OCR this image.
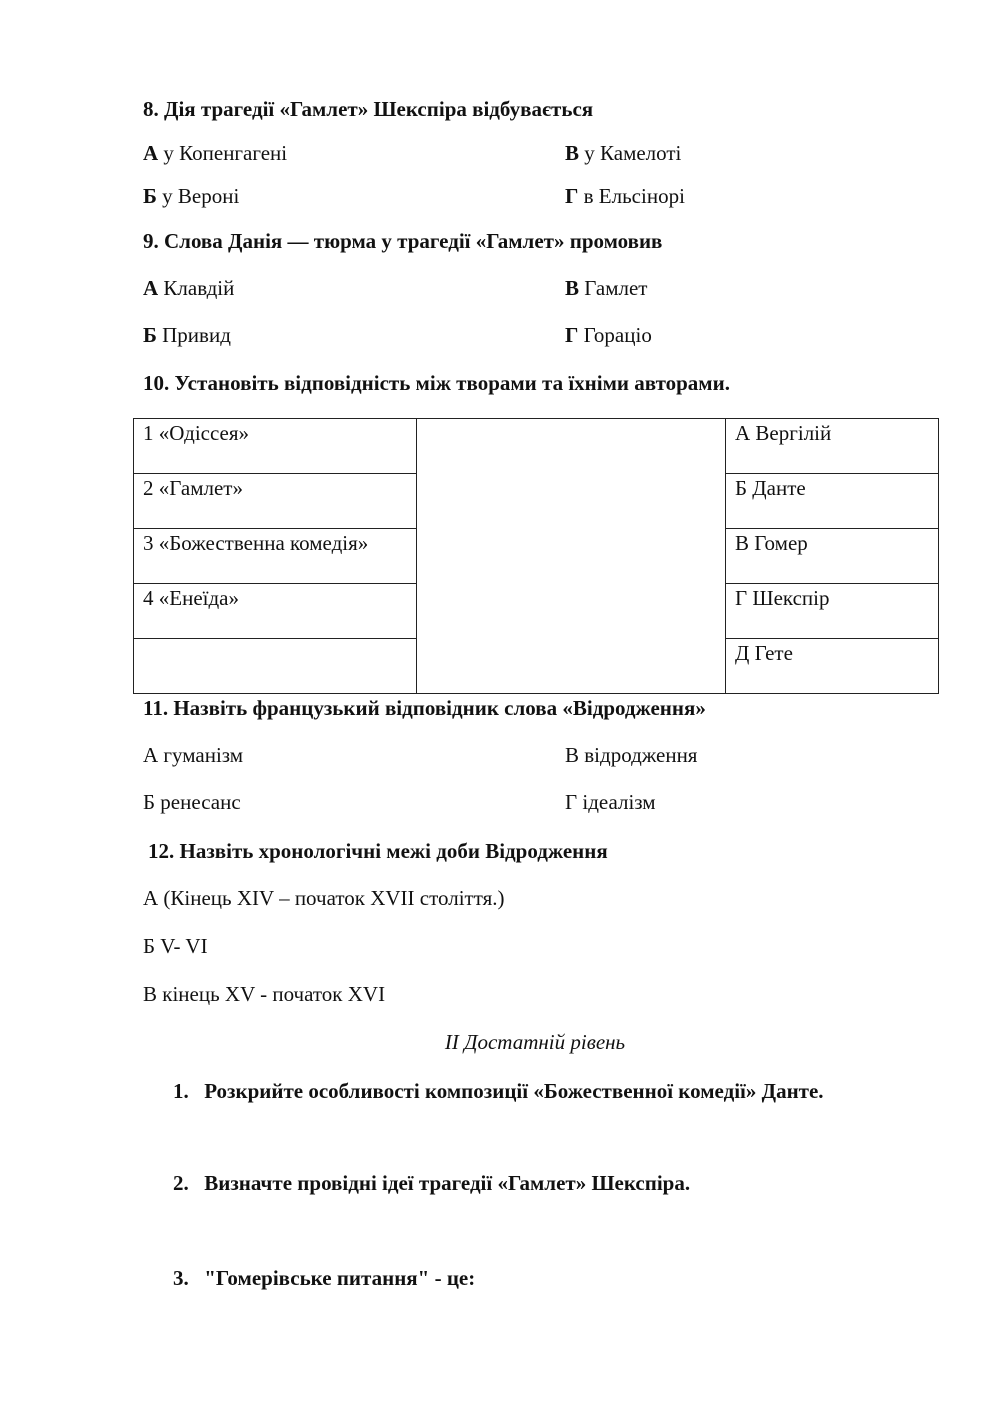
8. Дія трагедії «Гамлет» Шекспіра відбувається
А у Копенгагені	В у Камелоті
Б у Вероні	Г в Ельсінорі
9. Слова Данія — тюрма у трагедії «Гамлет» промовив
А Клавдій	В Гамлет
Б Привид	Г Гораціо
10. Установіть відповідність між творами та їхніми авторами.
1 «Одіссея»		А Вергілій
2 «Гамлет»		Б Данте
3 «Божественна комедія»		В Гомер
4 «Енеїда»		Г Шекспір
		Д Гете
11. Назвіть французький відповідник слова «Відродження»
А гуманізм	В відродження
Б ренесанс	Г ідеалізм
12. Назвіть хронологічні межі доби Відродження
А (Кінець XIV – початок XVII століття.)
Б V- VI
В кінець XV - початок XVI
ІІ Достатній рівень
1. Розкрийте особливості композиції «Божественної комедії» Данте.
2. Визначте провідні ідеї трагедії «Гамлет» Шекспіра.
3. "Гомерівське питання" - це:
